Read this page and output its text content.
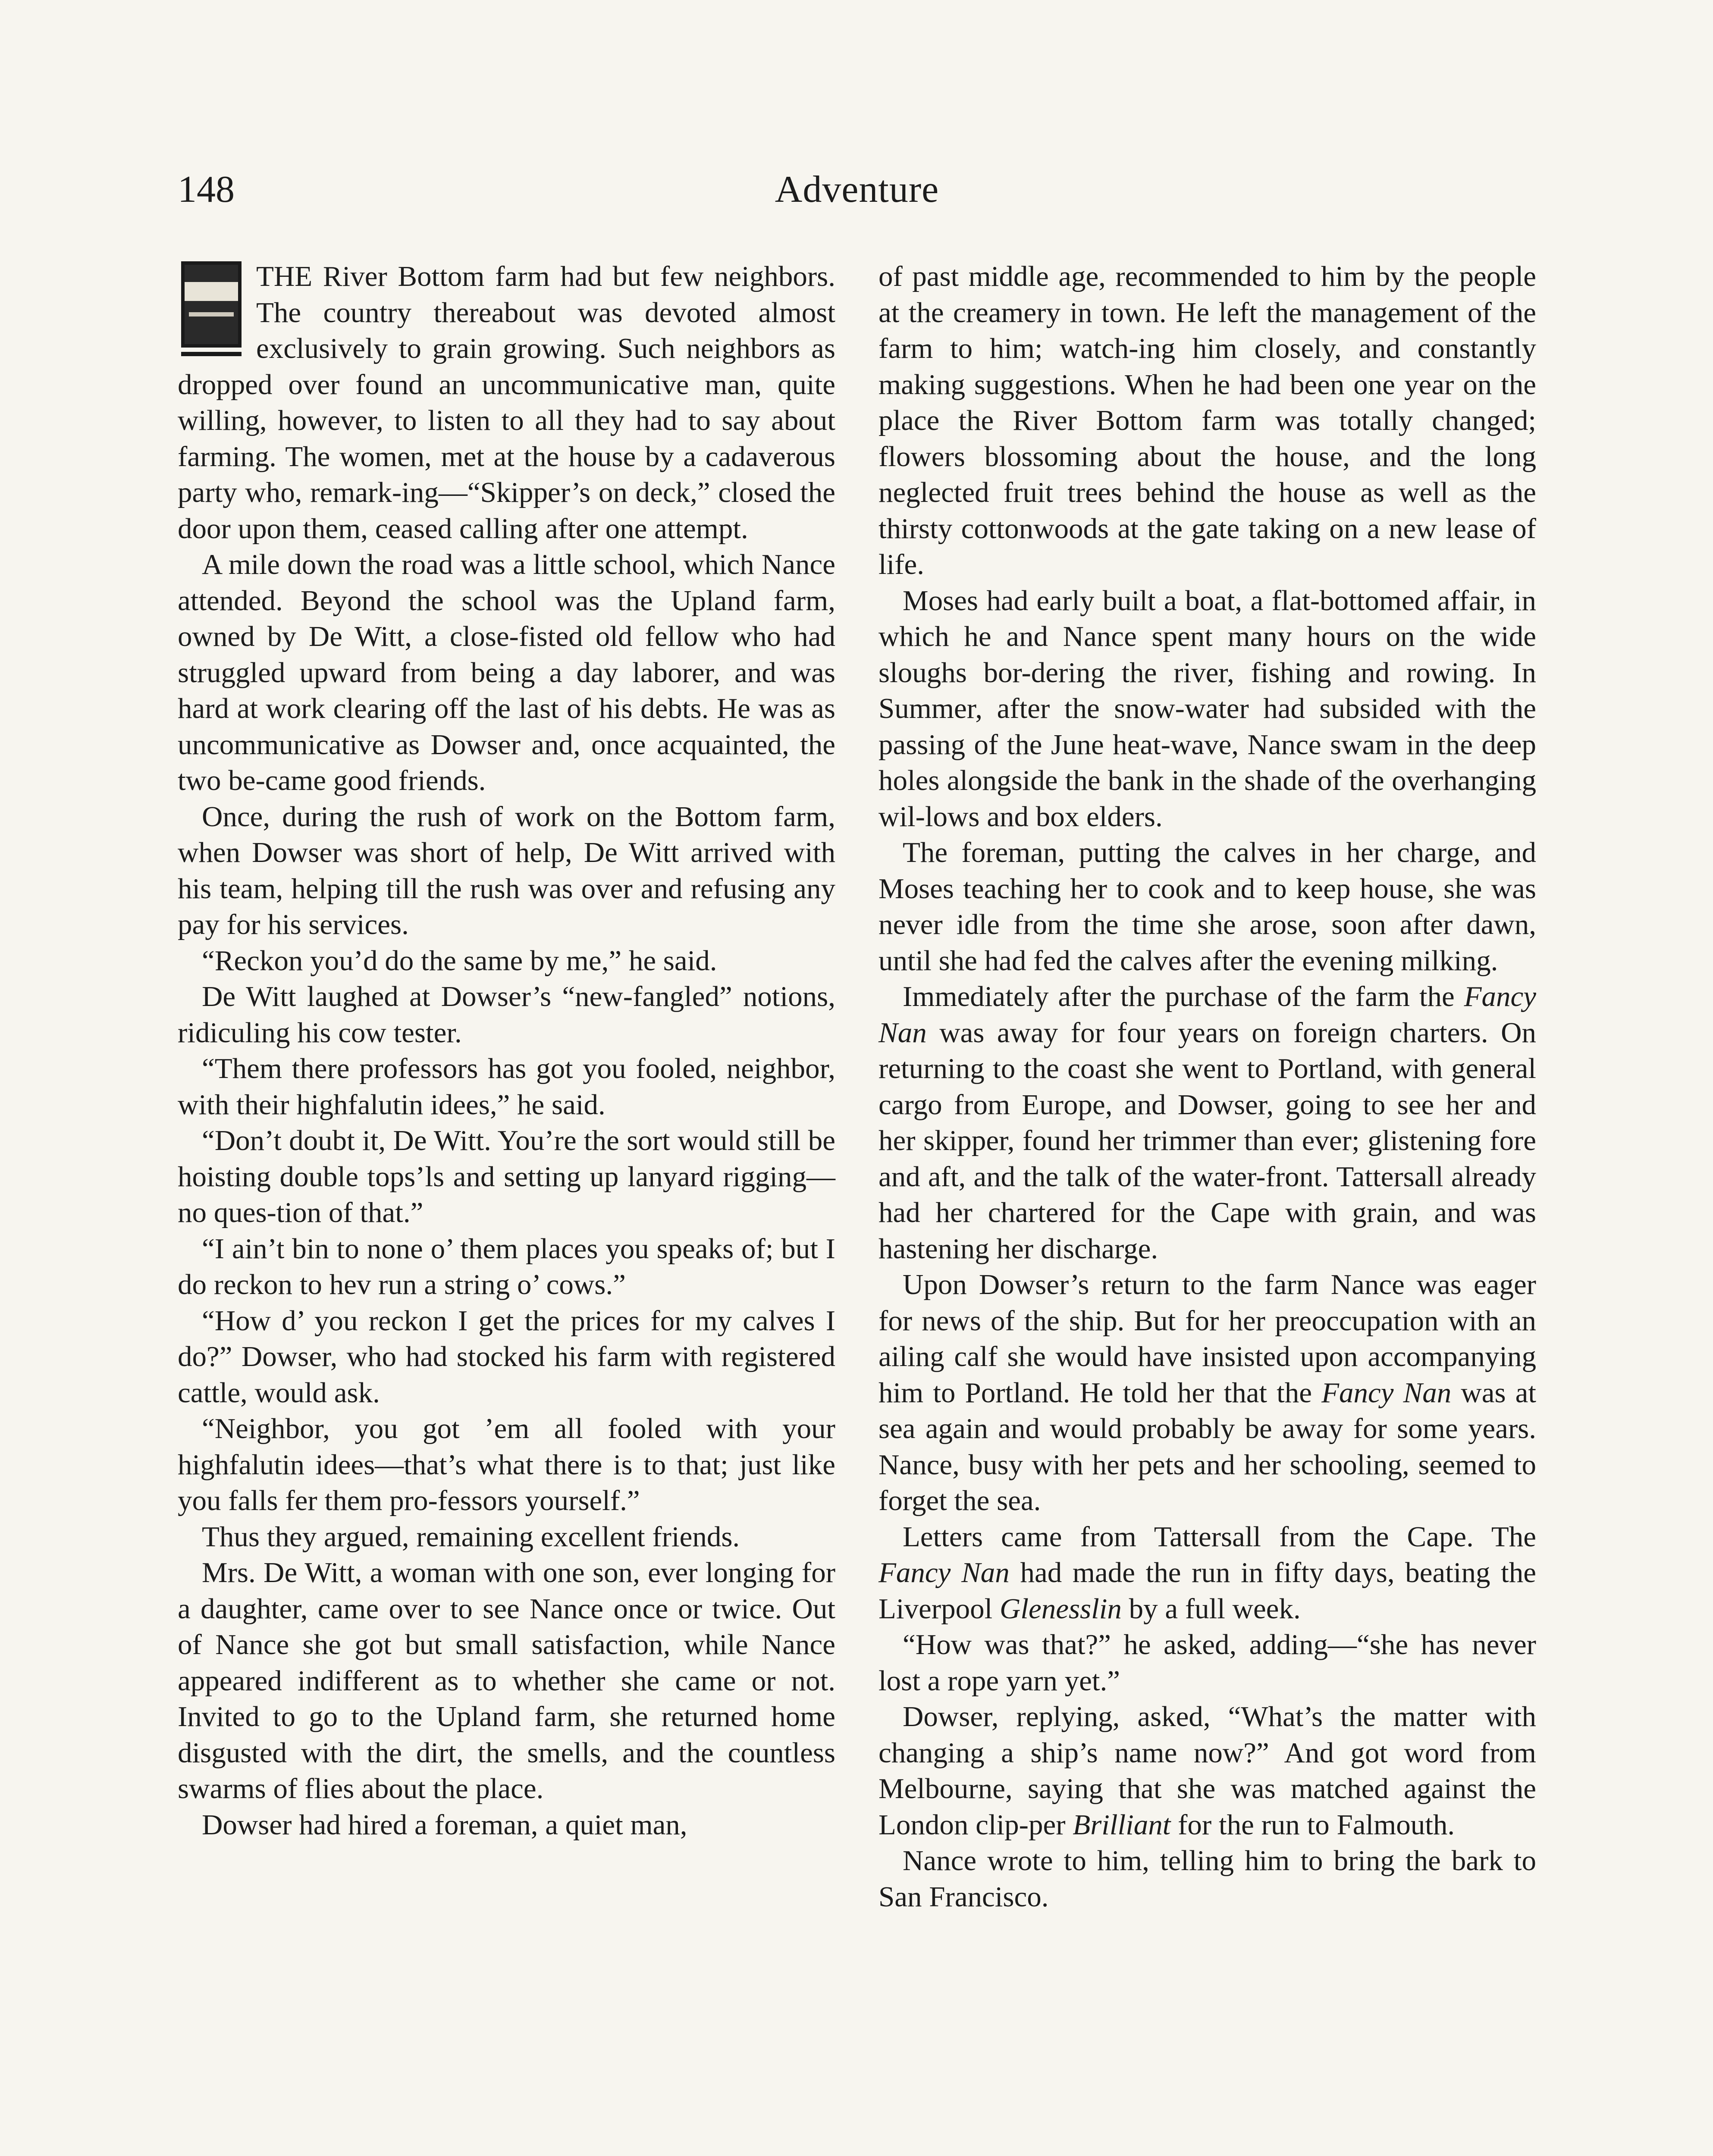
148	Adventure

THE River Bottom farm had but few neighbors. The country thereabout was devoted almost exclusively to grain growing. Such neighbors as dropped over found an uncommunicative man, quite willing, however, to listen to all they had to say about farming. The women, met at the house by a cadaverous party who, remark-ing—“Skipper’s on deck,” closed the door upon them, ceased calling after one attempt.

A mile down the road was a little school, which Nance attended. Beyond the school was the Upland farm, owned by De Witt, a close-fisted old fellow who had struggled upward from being a day laborer, and was hard at work clearing off the last of his debts. He was as uncommunicative as Dowser and, once acquainted, the two be-came good friends.

Once, during the rush of work on the Bottom farm, when Dowser was short of help, De Witt arrived with his team, helping till the rush was over and refusing any pay for his services.

“Reckon you’d do the same by me,” he said.

De Witt laughed at Dowser’s “new-fangled” notions, ridiculing his cow tester.

“Them there professors has got you fooled, neighbor, with their highfalutin idees,” he said.

“Don’t doubt it, De Witt. You’re the sort would still be hoisting double tops’ls and setting up lanyard rigging—no ques-tion of that.”

“I ain’t bin to none o’ them places you speaks of; but I do reckon to hev run a string o’ cows.”

“How d’ you reckon I get the prices for my calves I do?” Dowser, who had stocked his farm with registered cattle, would ask.

“Neighbor, you got ’em all fooled with your highfalutin idees—that’s what there is to that; just like you falls fer them pro-fessors yourself.”

Thus they argued, remaining excellent friends.

Mrs. De Witt, a woman with one son, ever longing for a daughter, came over to see Nance once or twice. Out of Nance she got but small satisfaction, while Nance appeared indifferent as to whether she came or not. Invited to go to the Upland farm, she returned home disgusted with the dirt, the smells, and the countless swarms of flies about the place.

Dowser had hired a foreman, a quiet man,

of past middle age, recommended to him by the people at the creamery in town. He left the management of the farm to him; watch-ing him closely, and constantly making suggestions. When he had been one year on the place the River Bottom farm was totally changed; flowers blossoming about the house, and the long neglected fruit trees behind the house as well as the thirsty cottonwoods at the gate taking on a new lease of life.

Moses had early built a boat, a flat-bottomed affair, in which he and Nance spent many hours on the wide sloughs bor-dering the river, fishing and rowing. In Summer, after the snow-water had subsided with the passing of the June heat-wave, Nance swam in the deep holes alongside the bank in the shade of the overhanging wil-lows and box elders.

The foreman, putting the calves in her charge, and Moses teaching her to cook and to keep house, she was never idle from the time she arose, soon after dawn, until she had fed the calves after the evening milking.

Immediately after the purchase of the farm the Fancy Nan was away for four years on foreign charters. On returning to the coast she went to Portland, with general cargo from Europe, and Dowser, going to see her and her skipper, found her trimmer than ever; glistening fore and aft, and the talk of the water-front. Tattersall already had her chartered for the Cape with grain, and was hastening her discharge.

Upon Dowser’s return to the farm Nance was eager for news of the ship. But for her preoccupation with an ailing calf she would have insisted upon accompanying him to Portland. He told her that the Fancy Nan was at sea again and would probably be away for some years. Nance, busy with her pets and her schooling, seemed to forget the sea.

Letters came from Tattersall from the Cape. The Fancy Nan had made the run in fifty days, beating the Liverpool Glenesslin by a full week.

“How was that?” he asked, adding—“she has never lost a rope yarn yet.”

Dowser, replying, asked, “What’s the matter with changing a ship’s name now?” And got word from Melbourne, saying that she was matched against the London clip-per Brilliant for the run to Falmouth.

Nance wrote to him, telling him to bring the bark to San Francisco.
